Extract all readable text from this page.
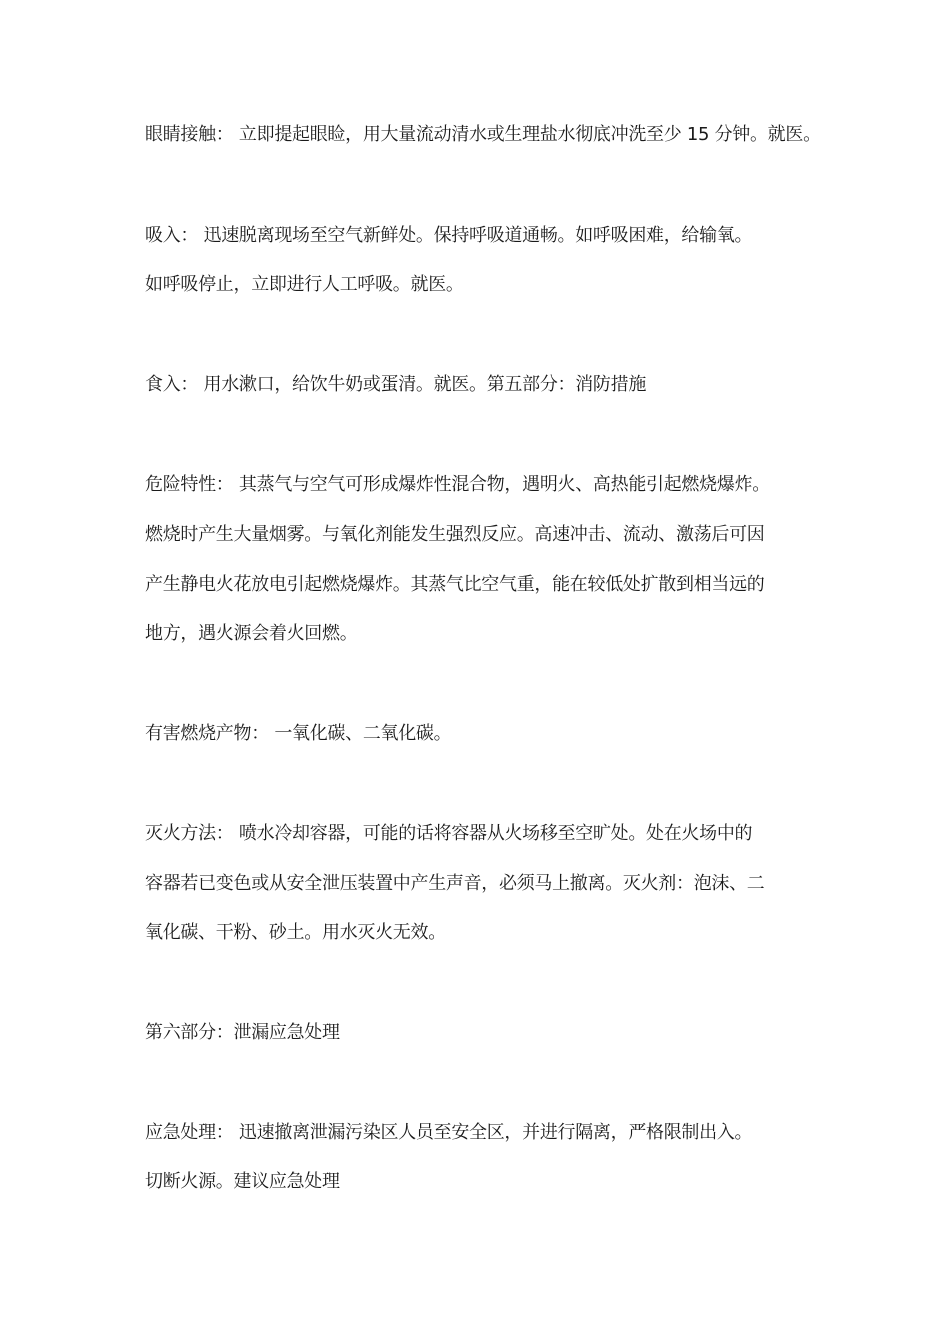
眼睛接触： 立即提起眼睑，用大量流动清水或生理盐水彻底冲洗至少 15 分钟。就医。
吸入： 迅速脱离现场至空气新鲜处。保持呼吸道通畅。如呼吸困难，给输氧。
如呼吸停止，立即进行人工呼吸。就医。
食入： 用水漱口，给饮牛奶或蛋清。就医。第五部分：消防措施
危险特性： 其蒸气与空气可形成爆炸性混合物，遇明火、高热能引起燃烧爆炸。
燃烧时产生大量烟雾。与氧化剂能发生强烈反应。高速冲击、流动、激荡后可因
产生静电火花放电引起燃烧爆炸。其蒸气比空气重，能在较低处扩散到相当远的
地方，遇火源会着火回燃。
有害燃烧产物： 一氧化碳、二氧化碳。
灭火方法： 喷水冷却容器，可能的话将容器从火场移至空旷处。处在火场中的
容器若已变色或从安全泄压装置中产生声音，必须马上撤离。灭火剂：泡沫、二
氧化碳、干粉、砂土。用水灭火无效。
第六部分：泄漏应急处理
应急处理： 迅速撤离泄漏污染区人员至安全区，并进行隔离，严格限制出入。
切断火源。建议应急处理
